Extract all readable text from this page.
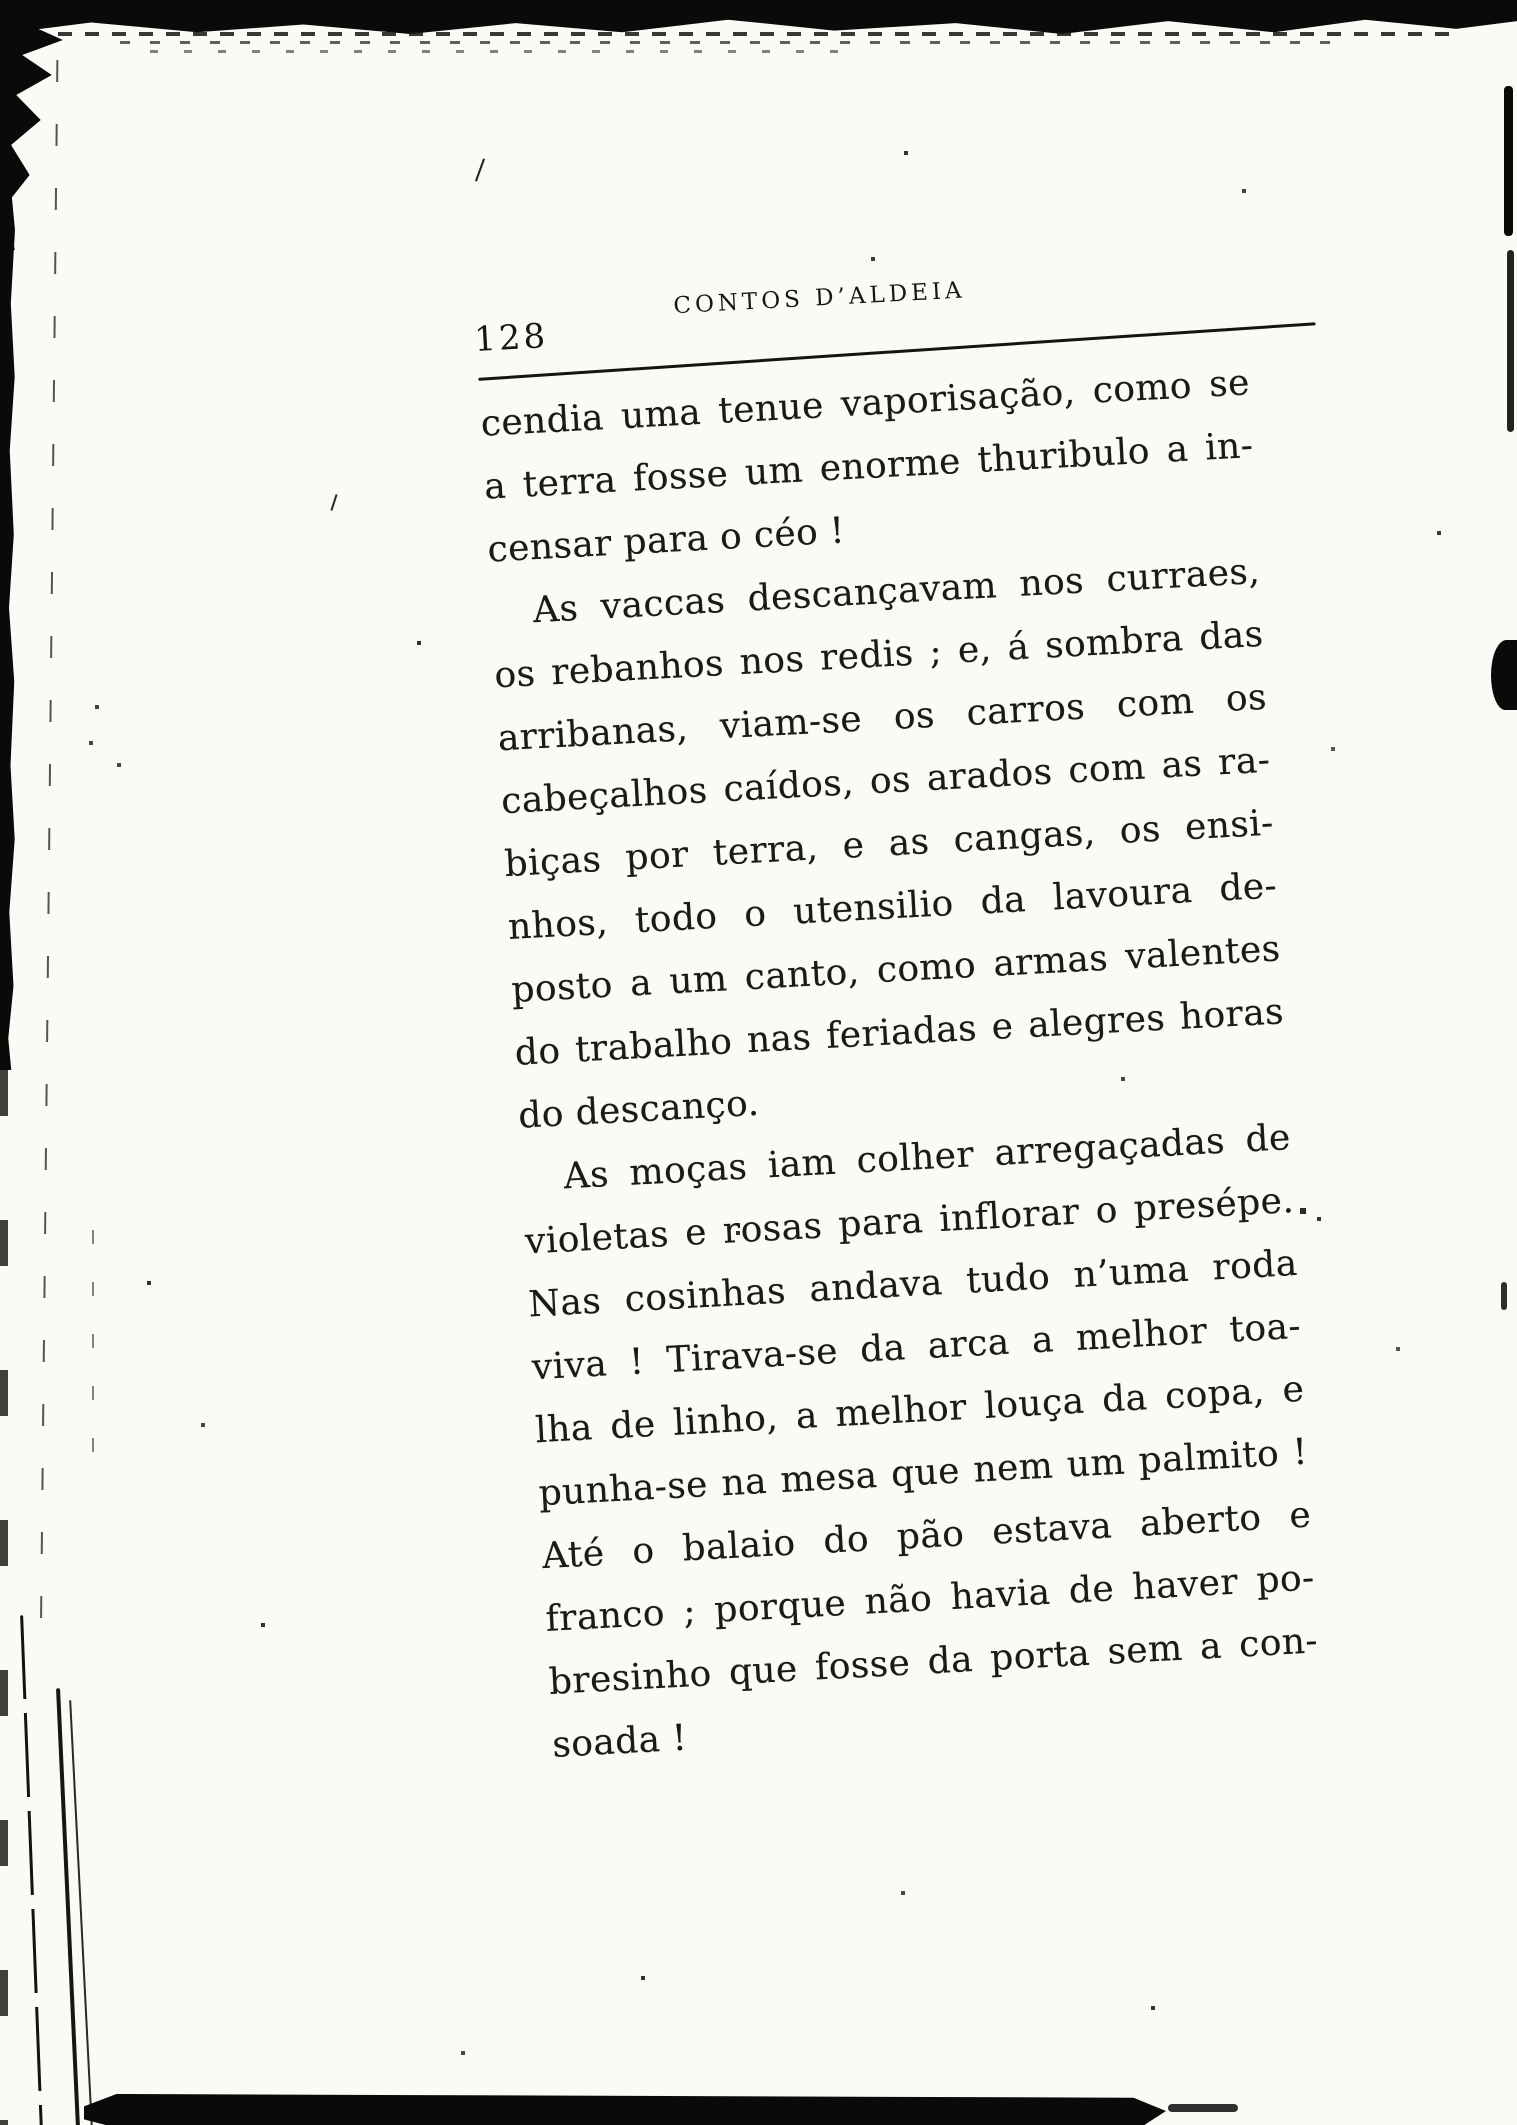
128
CONTOS D’ALDEIA
cendia uma tenue vaporisação, como se
a terra fosse um enorme thuribulo a in-
censar para o céo !
As vaccas descançavam nos curraes,
os rebanhos nos redis ; e, á sombra das
arribanas, viam-se os carros com os
cabeçalhos caídos, os arados com as ra-
biças por terra, e as cangas, os ensi-
nhos, todo o utensilio da lavoura de-
posto a um canto, como armas valentes
do trabalho nas feriadas e alegres horas
do descanço.
As moças iam colher arregaçadas de
violetas e rosas para inflorar o presépe.
Nas cosinhas andava tudo n’uma roda
viva ! Tirava-se da arca a melhor toa-
lha de linho, a melhor louça da copa, e
punha-se na mesa que nem um palmito !
Até o balaio do pão estava aberto e
franco ; porque não havia de haver po-
bresinho que fosse da porta sem a con-
soada !
